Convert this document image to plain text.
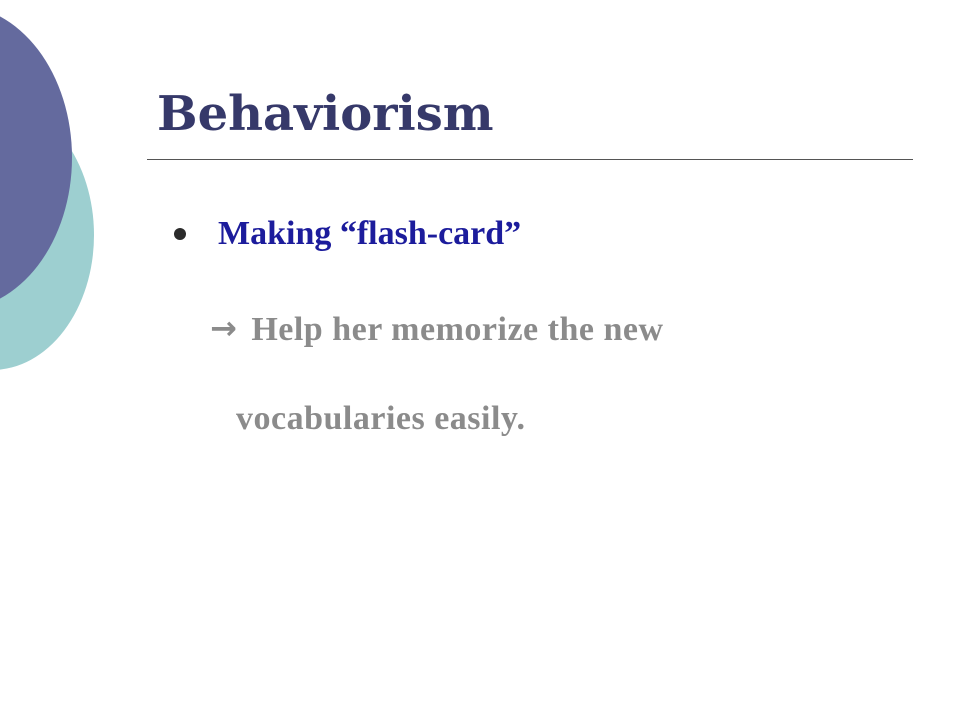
Behaviorism
Making “flash-card”
→ Help her memorize the new
vocabularies easily.
